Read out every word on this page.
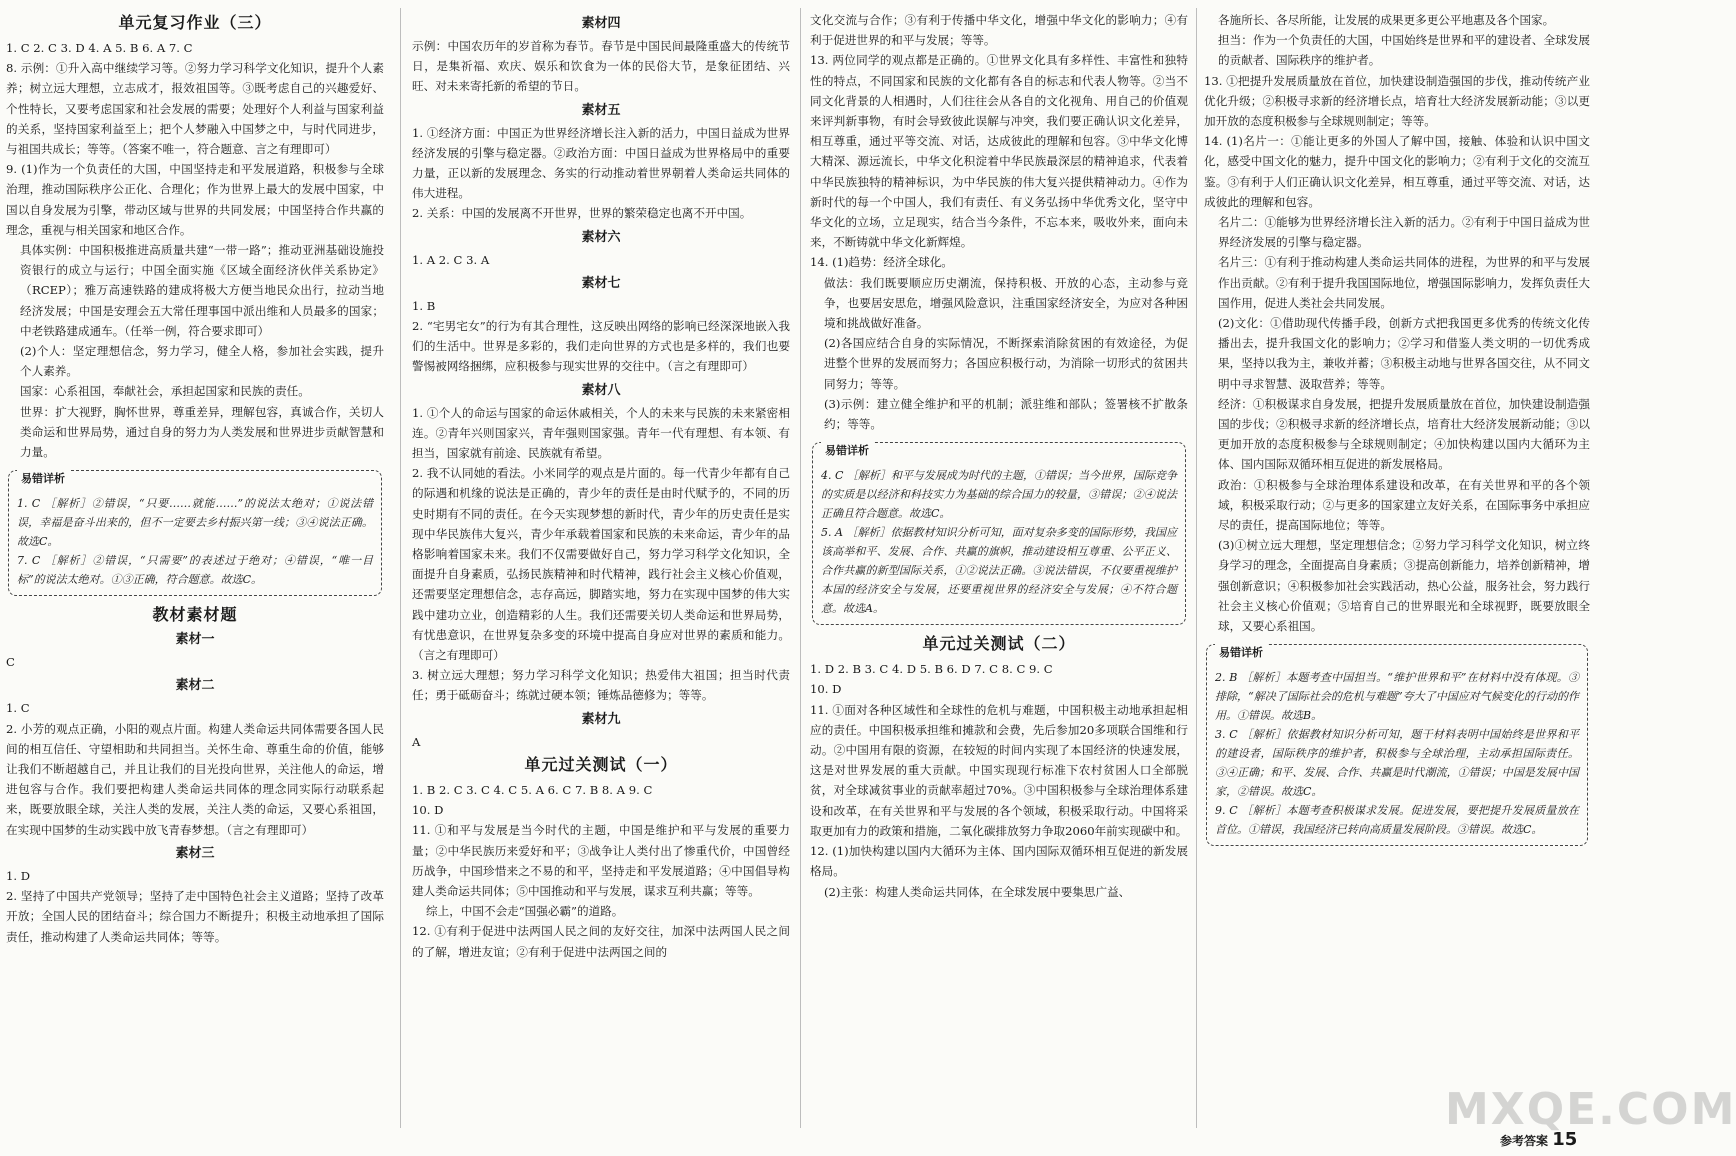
单元复习作业（三）

1. C 2. C 3. D 4. A 5. B 6. A 7. C

8. 示例：①升入高中继续学习等。②努力学习科学文化知识，提升个人素养；树立远大理想，立志成才，报效祖国等。③既考虑自己的兴趣爱好、个性特长，又要考虑国家和社会发展的需要；处理好个人利益与国家利益的关系，坚持国家利益至上；把个人梦融入中国梦之中，与时代同进步，与祖国共成长；等等。（答案不唯一，符合题意、言之有理即可）

9. (1)作为一个负责任的大国，中国坚持走和平发展道路，积极参与全球治理，推动国际秩序公正化、合理化；作为世界上最大的发展中国家，中国以自身发展为引擎，带动区域与世界的共同发展；中国坚持合作共赢的理念，重视与相关国家和地区合作。

具体实例：中国积极推进高质量共建“一带一路”；推动亚洲基础设施投资银行的成立与运行；中国全面实施《区域全面经济伙伴关系协定》（RCEP）；雅万高速铁路的建成将极大方便当地民众出行，拉动当地经济发展；中国是安理会五大常任理事国中派出维和人员最多的国家；中老铁路建成通车。（任举一例，符合要求即可）

(2)个人：坚定理想信念，努力学习，健全人格，参加社会实践，提升个人素养。

国家：心系祖国，奉献社会，承担起国家和民族的责任。

世界：扩大视野，胸怀世界，尊重差异，理解包容，真诚合作，关切人类命运和世界局势，通过自身的努力为人类发展和世界进步贡献智慧和力量。

易错详析

1. C ［解析］②错误，“只要……就能……”的说法太绝对；①说法错误，幸福是奋斗出来的，但不一定要去乡村振兴第一线；③④说法正确。故选C。

7. C ［解析］②错误，“只需要”的表述过于绝对；④错误，“唯一目标”的说法太绝对。①③正确，符合题意。故选C。

教材素材题
素材一

C

素材二

1. C

2. 小芳的观点正确，小阳的观点片面。构建人类命运共同体需要各国人民间的相互信任、守望相助和共同担当。关怀生命、尊重生命的价值，能够让我们不断超越自己，并且让我们的目光投向世界，关注他人的命运，增进包容与合作。我们要把构建人类命运共同体的理念同实际行动联系起来，既要放眼全球，关注人类的发展，关注人类的命运，又要心系祖国，在实现中国梦的生动实践中放飞青春梦想。（言之有理即可）

素材三

1. D

2. 坚持了中国共产党领导；坚持了走中国特色社会主义道路；坚持了改革开放；全国人民的团结奋斗；综合国力不断提升；积极主动地承担了国际责任，推动构建了人类命运共同体；等等。

素材四

示例：中国农历年的岁首称为春节。春节是中国民间最隆重盛大的传统节日，是集祈福、欢庆、娱乐和饮食为一体的民俗大节，是象征团结、兴旺、对未来寄托新的希望的节日。

素材五

1. ①经济方面：中国正为世界经济增长注入新的活力，中国日益成为世界经济发展的引擎与稳定器。②政治方面：中国日益成为世界格局中的重要力量，正以新的发展理念、务实的行动推动着世界朝着人类命运共同体的伟大进程。

2. 关系：中国的发展离不开世界，世界的繁荣稳定也离不开中国。

素材六

1. A 2. C 3. A

素材七

1. B

2. “宅男宅女”的行为有其合理性，这反映出网络的影响已经深深地嵌入我们的生活中。世界是多彩的，我们走向世界的方式也是多样的，我们也要警惕被网络捆绑，应积极参与现实世界的交往中。（言之有理即可）

素材八

1. ①个人的命运与国家的命运休戚相关，个人的未来与民族的未来紧密相连。②青年兴则国家兴，青年强则国家强。青年一代有理想、有本领、有担当，国家就有前途、民族就有希望。

2. 我不认同她的看法。小米同学的观点是片面的。每一代青少年都有自己的际遇和机缘的说法是正确的，青少年的责任是由时代赋予的，不同的历史时期有不同的责任。在今天实现梦想的新时代，青少年的历史责任是实现中华民族伟大复兴，青少年承载着国家和民族的未来命运，青少年的品格影响着国家未来。我们不仅需要做好自己，努力学习科学文化知识，全面提升自身素质，弘扬民族精神和时代精神，践行社会主义核心价值观，还需要坚定理想信念，志存高远，脚踏实地，努力在实现中国梦的伟大实践中建功立业，创造精彩的人生。我们还需要关切人类命运和世界局势，有忧患意识，在世界复杂多变的环境中提高自身应对世界的素质和能力。（言之有理即可）

3. 树立远大理想；努力学习科学文化知识；热爱伟大祖国；担当时代责任；勇于砥砺奋斗；练就过硬本领；锤炼品德修为；等等。

素材九

A

单元过关测试（一）

1. B 2. C 3. C 4. C 5. A 6. C 7. B 8. A 9. C

10. D

11. ①和平与发展是当今时代的主题，中国是维护和平与发展的重要力量；②中华民族历来爱好和平；③战争让人类付出了惨重代价，中国曾经历战争，中国珍惜来之不易的和平，坚持走和平发展道路；④中国倡导构建人类命运共同体；⑤中国推动和平与发展，谋求互利共赢；等等。

综上，中国不会走“国强必霸”的道路。

12. ①有利于促进中法两国人民之间的友好交往，加深中法两国人民之间的了解，增进友谊；②有利于促进中法两国之间的

文化交流与合作；③有利于传播中华文化，增强中华文化的影响力；④有利于促进世界的和平与发展；等等。

13. 两位同学的观点都是正确的。①世界文化具有多样性、丰富性和独特性的特点，不同国家和民族的文化都有各自的标志和代表人物等。②当不同文化背景的人相遇时，人们往往会从各自的文化视角、用自己的价值观来评判新事物，有时会导致彼此误解与冲突，我们要正确认识文化差异，相互尊重，通过平等交流、对话，达成彼此的理解和包容。③中华文化博大精深、源远流长，中华文化积淀着中华民族最深层的精神追求，代表着中华民族独特的精神标识，为中华民族的伟大复兴提供精神动力。④作为新时代的每一个中国人，我们有责任、有义务弘扬中华优秀文化，坚守中华文化的立场，立足现实，结合当今条件，不忘本来，吸收外来，面向未来，不断铸就中华文化新辉煌。

14. (1)趋势：经济全球化。

做法：我们既要顺应历史潮流，保持积极、开放的心态，主动参与竞争，也要居安思危，增强风险意识，注重国家经济安全，为应对各种困境和挑战做好准备。

(2)各国应结合自身的实际情况，不断探索消除贫困的有效途径，为促进整个世界的发展而努力；各国应积极行动，为消除一切形式的贫困共同努力；等等。

(3)示例：建立健全维护和平的机制；派驻维和部队；签署核不扩散条约；等等。

易错详析

4. C ［解析］和平与发展成为时代的主题，①错误；当今世界，国际竞争的实质是以经济和科技实力为基础的综合国力的较量，③错误；②④说法正确且符合题意。故选C。

5. A ［解析］依据教材知识分析可知，面对复杂多变的国际形势，我国应该高举和平、发展、合作、共赢的旗帜，推动建设相互尊重、公平正义、合作共赢的新型国际关系，①②说法正确。③说法错误，不仅要重视维护本国的经济安全与发展，还要重视世界的经济安全与发展；④不符合题意。故选A。

单元过关测试（二）

1. D 2. B 3. C 4. D 5. B 6. D 7. C 8. C 9. C

10. D

11. ①面对各种区域性和全球性的危机与难题，中国积极主动地承担起相应的责任。中国积极承担维和摊款和会费，先后参加20多项联合国维和行动。②中国用有限的资源，在较短的时间内实现了本国经济的快速发展，这是对世界发展的重大贡献。中国实现现行标准下农村贫困人口全部脱贫，对全球减贫事业的贡献率超过70%。③中国积极参与全球治理体系建设和改革，在有关世界和平与发展的各个领域，积极采取行动。中国将采取更加有力的政策和措施，二氧化碳排放努力争取2060年前实现碳中和。

12. (1)加快构建以国内大循环为主体、国内国际双循环相互促进的新发展格局。

(2)主张：构建人类命运共同体，在全球发展中要集思广益、

各施所长、各尽所能，让发展的成果更多更公平地惠及各个国家。

担当：作为一个负责任的大国，中国始终是世界和平的建设者、全球发展的贡献者、国际秩序的维护者。

13. ①把提升发展质量放在首位，加快建设制造强国的步伐，推动传统产业优化升级；②积极寻求新的经济增长点，培育壮大经济发展新动能；③以更加开放的态度积极参与全球规则制定；等等。

14. (1)名片一：①能让更多的外国人了解中国，接触、体验和认识中国文化，感受中国文化的魅力，提升中国文化的影响力；②有利于文化的交流互鉴。③有利于人们正确认识文化差异，相互尊重，通过平等交流、对话，达成彼此的理解和包容。

名片二：①能够为世界经济增长注入新的活力。②有利于中国日益成为世界经济发展的引擎与稳定器。

名片三：①有利于推动构建人类命运共同体的进程，为世界的和平与发展作出贡献。②有利于提升我国国际地位，增强国际影响力，发挥负责任大国作用，促进人类社会共同发展。

(2)文化：①借助现代传播手段，创新方式把我国更多优秀的传统文化传播出去，提升我国文化的影响力；②学习和借鉴人类文明的一切优秀成果，坚持以我为主，兼收并蓄；③积极主动地与世界各国交往，从不同文明中寻求智慧、汲取营养；等等。

经济：①积极谋求自身发展，把提升发展质量放在首位，加快建设制造强国的步伐；②积极寻求新的经济增长点，培育壮大经济发展新动能；③以更加开放的态度积极参与全球规则制定；④加快构建以国内大循环为主体、国内国际双循环相互促进的新发展格局。

政治：①积极参与全球治理体系建设和改革，在有关世界和平的各个领域，积极采取行动；②与更多的国家建立友好关系，在国际事务中承担应尽的责任，提高国际地位；等等。

(3)①树立远大理想，坚定理想信念；②努力学习科学文化知识，树立终身学习的理念，全面提高自身素质；③提高创新能力，培养创新精神，增强创新意识；④积极参加社会实践活动，热心公益，服务社会，努力践行社会主义核心价值观；⑤培育自己的世界眼光和全球视野，既要放眼全球，又要心系祖国。

易错详析

2. B ［解析］本题考查中国担当。“维护世界和平”在材料中没有体现。③排除，“解决了国际社会的危机与难题”夸大了中国应对气候变化的行动的作用。①错误。故选B。

3. C ［解析］依据教材知识分析可知，题干材料表明中国始终是世界和平的建设者，国际秩序的维护者，积极参与全球治理，主动承担国际责任。③④正确；和平、发展、合作、共赢是时代潮流，①错误；中国是发展中国家，②错误。故选C。

9. C ［解析］本题考查积极谋求发展。促进发展，要把提升发展质量放在首位。①错误，我国经济已转向高质量发展阶段。③错误。故选C。

MXQE.COM
参考答案 15
